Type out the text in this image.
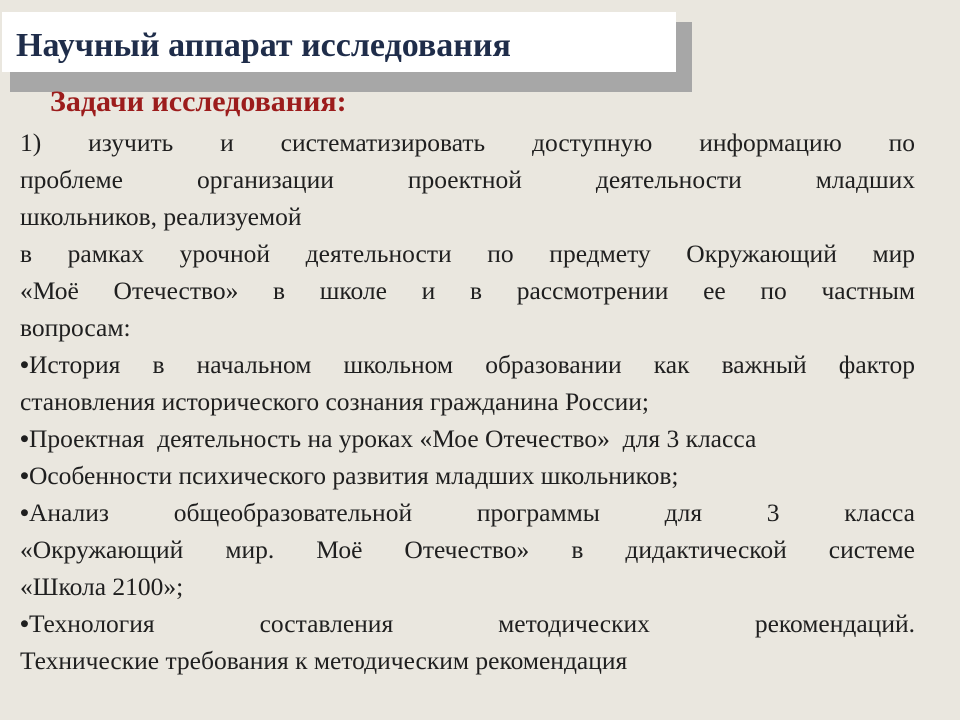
Научный аппарат исследования
Задачи исследования:

1) изучить и систематизировать доступную информацию по

проблеме организации проектной деятельности младших

школьников, реализуемой

в рамках урочной деятельности по предмету Окружающий мир

«Моё Отечество» в школе и в рассмотрении ее по частным

вопросам:

•История в начальном школьном образовании как важный фактор

становления исторического сознания гражданина России;

•Проектная  деятельность на уроках «Мое Отечество»  для 3 класса

•Особенности психического развития младших школьников;

•Анализ общеобразовательной программы для 3 класса

«Окружающий мир. Моё Отечество» в дидактической системе

«Школа 2100»;

•Технология составления методических рекомендаций.

Технические требования к методическим рекомендация
